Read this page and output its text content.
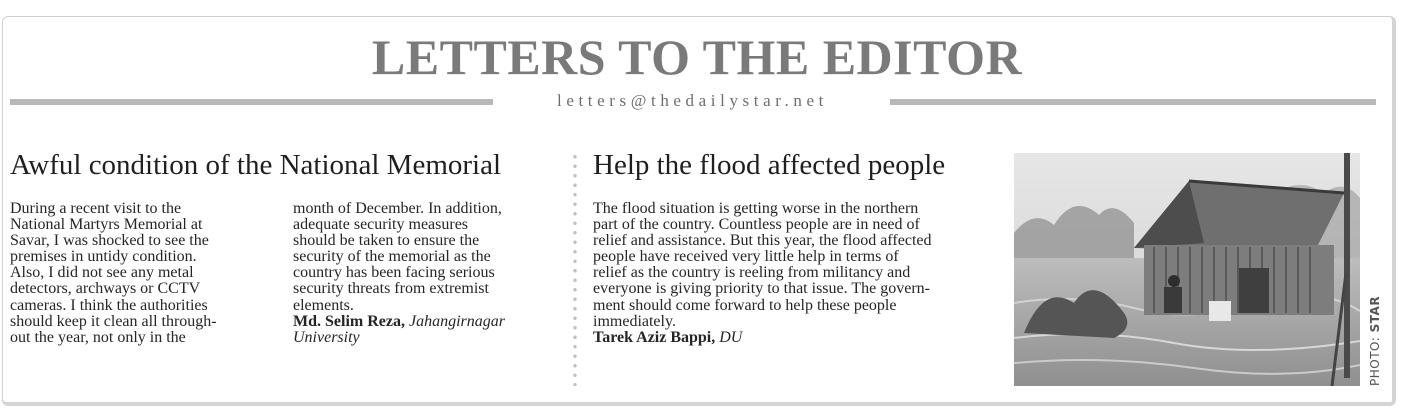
LETTERS TO THE EDITOR
letters@thedailystar.net
Awful condition of the National Memorial
During a recent visit to the
National Martyrs Memorial at
Savar, I was shocked to see the
premises in untidy condition.
Also, I did not see any metal
detectors, archways or CCTV
cameras. I think the authorities
should keep it clean all through-
out the year, not only in the
month of December. In addition,
adequate security measures
should be taken to ensure the
security of the memorial as the
country has been facing serious
security threats from extremist
elements.
Md. Selim Reza, Jahangirnagar
University
Help the flood affected people
The flood situation is getting worse in the northern
part of the country. Countless people are in need of
relief and assistance. But this year, the flood affected
people have received very little help in terms of
relief as the country is reeling from militancy and
everyone is giving priority to that issue. The govern-
ment should come forward to help these people
immediately.
Tarek Aziz Bappi, DU	PHOTO: STAR
